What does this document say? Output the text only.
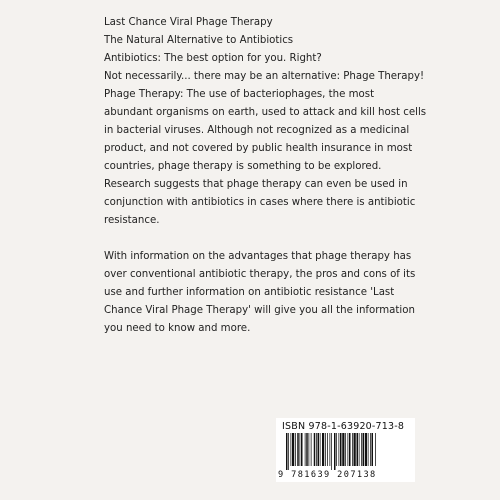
Last Chance Viral Phage Therapy
The Natural Alternative to Antibiotics

Antibiotics: The best option for you. Right?
Not necessarily... there may be an alternative: Phage Therapy!

Phage Therapy: The use of bacteriophages, the most
abundant organisms on earth, used to attack and kill host cells
in bacterial viruses. Although not recognized as a medicinal
product, and not covered by public health insurance in most
countries, phage therapy is something to be explored.
Research suggests that phage therapy can even be used in
conjunction with antibiotics in cases where there is antibiotic
resistance.

With information on the advantages that phage therapy has
over conventional antibiotic therapy, the pros and cons of its
use and further information on antibiotic resistance 'Last
Chance Viral Phage Therapy' will give you all the information
you need to know and more.

ISBN 978-1-63920-713-8
9 781639 207138
